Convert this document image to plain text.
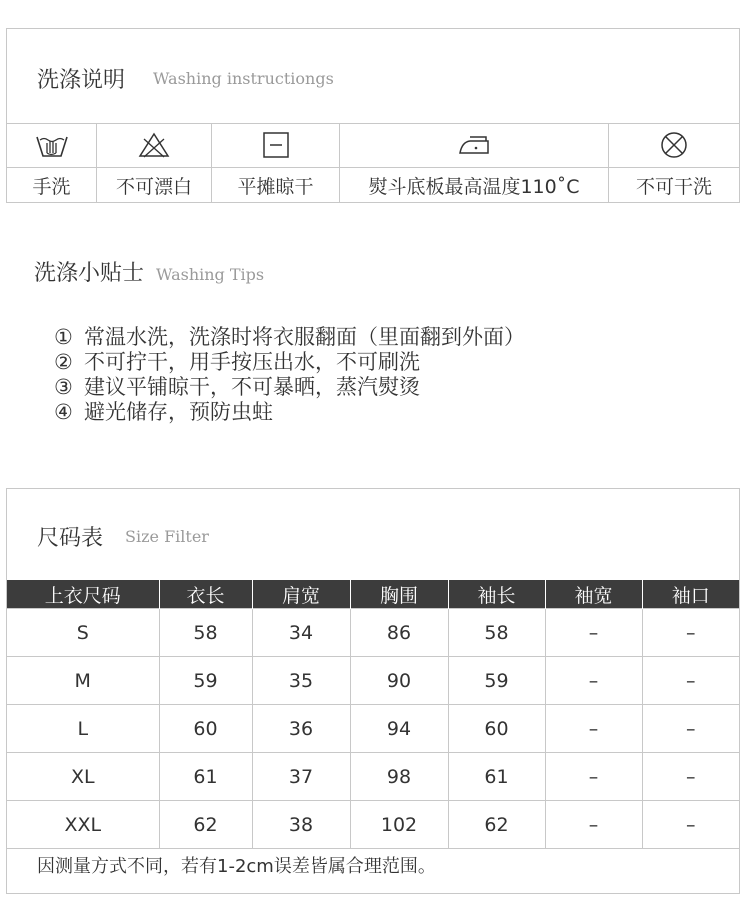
洗涤说明 Washing instructiongs
手洗	不可漂白	平摊晾干	熨斗底板最高温度110˚C	不可干洗
洗涤小贴士 Washing Tips
① 常温水洗，洗涤时将衣服翻面（里面翻到外面）
② 不可拧干，用手按压出水，不可刷洗
③ 建议平铺晾干，不可暴晒，蒸汽熨烫
④ 避光储存，预防虫蛀
尺码表 Size Filter
上衣尺码	衣长	肩宽	胸围	袖长	袖宽	袖口
S	58	34	86	58	–	–
M	59	35	90	59	–	–
L	60	36	94	60	–	–
XL	61	37	98	61	–	–
XXL	62	38	102	62	–	–
因测量方式不同，若有1-2cm误差皆属合理范围。
